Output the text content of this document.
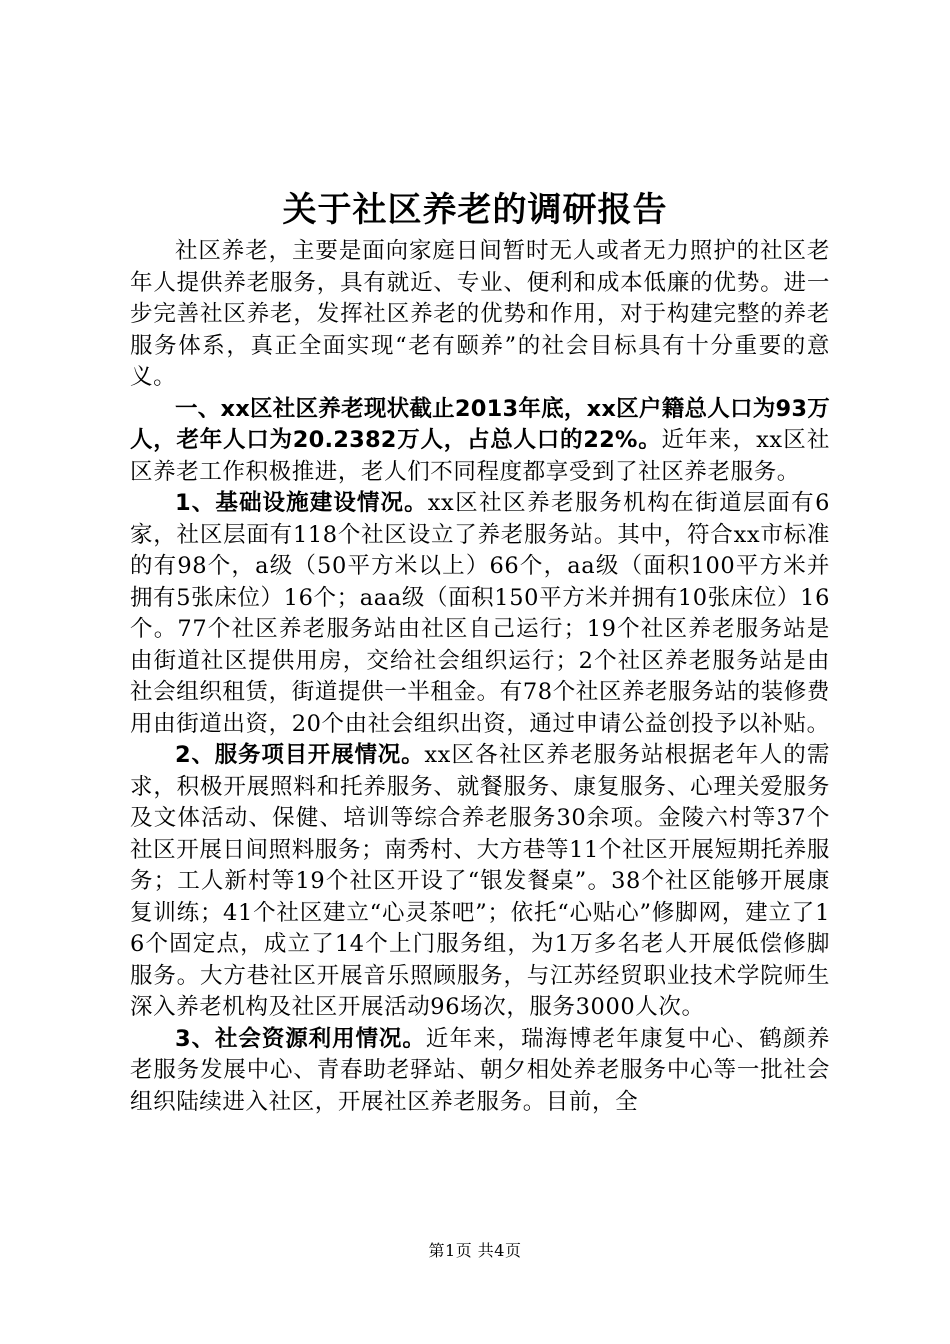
关于社区养老的调研报告

社区养老，主要是面向家庭日间暂时无人或者无力照护的社区老年人提供养老服务，具有就近、专业、便利和成本低廉的优势。进一步完善社区养老，发挥社区养老的优势和作用，对于构建完整的养老服务体系，真正全面实现“老有颐养”的社会目标具有十分重要的意义。

一、xx区社区养老现状截止2013年底，xx区户籍总人口为93万人，老年人口为20.2382万人，占总人口的22%。近年来，xx区社区养老工作积极推进，老人们不同程度都享受到了社区养老服务。

1、基础设施建设情况。xx区社区养老服务机构在街道层面有6家，社区层面有118个社区设立了养老服务站。其中，符合xx市标准的有98个，a级（50平方米以上）66个，aa级（面积100平方米并拥有5张床位）16个；aaa级（面积150平方米并拥有10张床位）16个。77个社区养老服务站由社区自己运行；19个社区养老服务站是由街道社区提供用房，交给社会组织运行；2个社区养老服务站是由社会组织租赁，街道提供一半租金。有78个社区养老服务站的装修费用由街道出资，20个由社会组织出资，通过申请公益创投予以补贴。

2、服务项目开展情况。xx区各社区养老服务站根据老年人的需求，积极开展照料和托养服务、就餐服务、康复服务、心理关爱服务及文体活动、保健、培训等综合养老服务30余项。金陵六村等37个社区开展日间照料服务；南秀村、大方巷等11个社区开展短期托养服务；工人新村等19个社区开设了“银发餐桌”。38个社区能够开展康复训练；41个社区建立“心灵茶吧”；依托“心贴心”修脚网，建立了16个固定点，成立了14个上门服务组，为1万多名老人开展低偿修脚服务。大方巷社区开展音乐照顾服务，与江苏经贸职业技术学院师生深入养老机构及社区开展活动96场次，服务3000人次。

3、社会资源利用情况。近年来，瑞海博老年康复中心、鹤颜养老服务发展中心、青春助老驿站、朝夕相处养老服务中心等一批社会组织陆续进入社区，开展社区养老服务。目前，全

第1页 共4页
